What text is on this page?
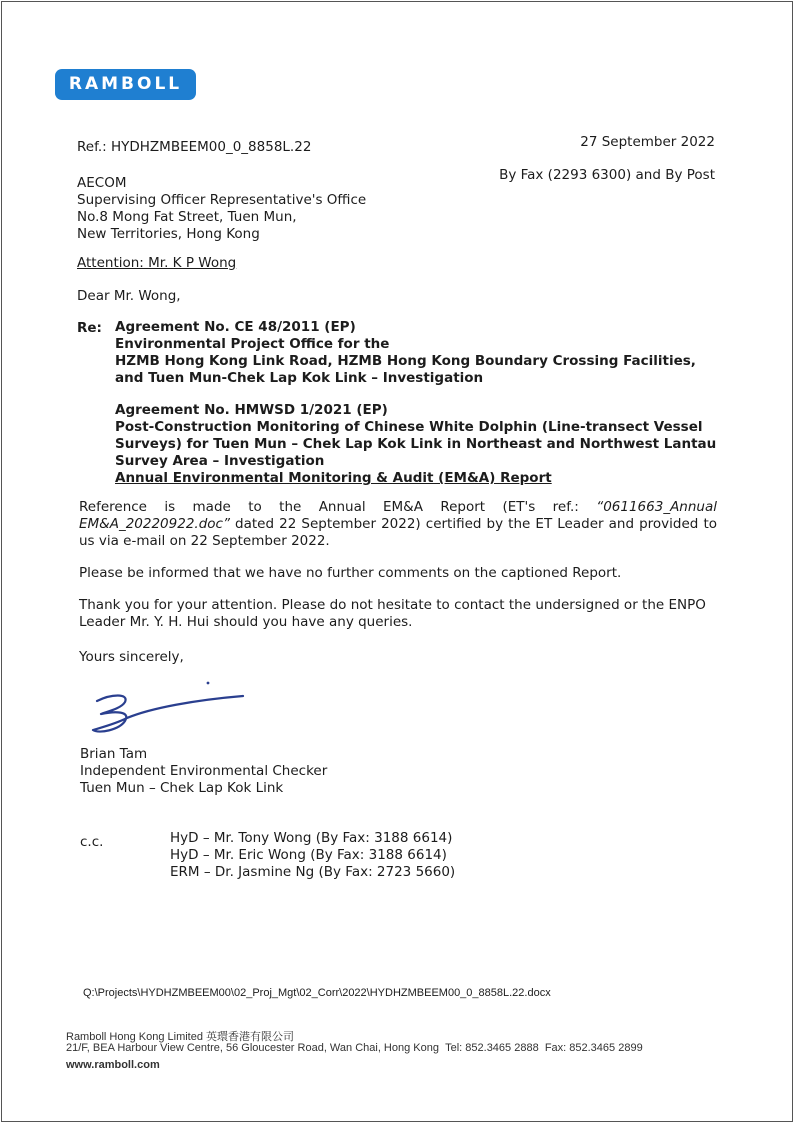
RAMBOLL
Ref.: HYDHZMBEEM00_0_8858L.22	27 September 2022
By Fax (2293 6300) and By Post
AECOM
Supervising Officer Representative's Office
No.8 Mong Fat Street, Tuen Mun,
New Territories, Hong Kong
Attention: Mr. K P Wong
Dear Mr. Wong,
Re: Agreement No. CE 48/2011 (EP)
Environmental Project Office for the
HZMB Hong Kong Link Road, HZMB Hong Kong Boundary Crossing Facilities,
and Tuen Mun-Chek Lap Kok Link – Investigation
Agreement No. HMWSD 1/2021 (EP)
Post-Construction Monitoring of Chinese White Dolphin (Line-transect Vessel
Surveys) for Tuen Mun – Chek Lap Kok Link in Northeast and Northwest Lantau
Survey Area – Investigation
Annual Environmental Monitoring & Audit (EM&A) Report
Reference is made to the Annual EM&A Report (ET's ref.: “0611663_Annual
EM&A_20220922.doc” dated 22 September 2022) certified by the ET Leader and provided to
us via e-mail on 22 September 2022.
Please be informed that we have no further comments on the captioned Report.
Thank you for your attention. Please do not hesitate to contact the undersigned or the ENPO
Leader Mr. Y. H. Hui should you have any queries.
Yours sincerely,
Brian Tam
Independent Environmental Checker
Tuen Mun – Chek Lap Kok Link
c.c.	HyD – Mr. Tony Wong (By Fax: 3188 6614)
HyD – Mr. Eric Wong (By Fax: 3188 6614)
ERM – Dr. Jasmine Ng (By Fax: 2723 5660)
Q:\Projects\HYDHZMBEEM00\02_Proj_Mgt\02_Corr\2022\HYDHZMBEEM00_0_8858L.22.docx
Ramboll Hong Kong Limited 英環香港有限公司
21/F, BEA Harbour View Centre, 56 Gloucester Road, Wan Chai, Hong Kong Tel: 852.3465 2888 Fax: 852.3465 2899
www.ramboll.com
